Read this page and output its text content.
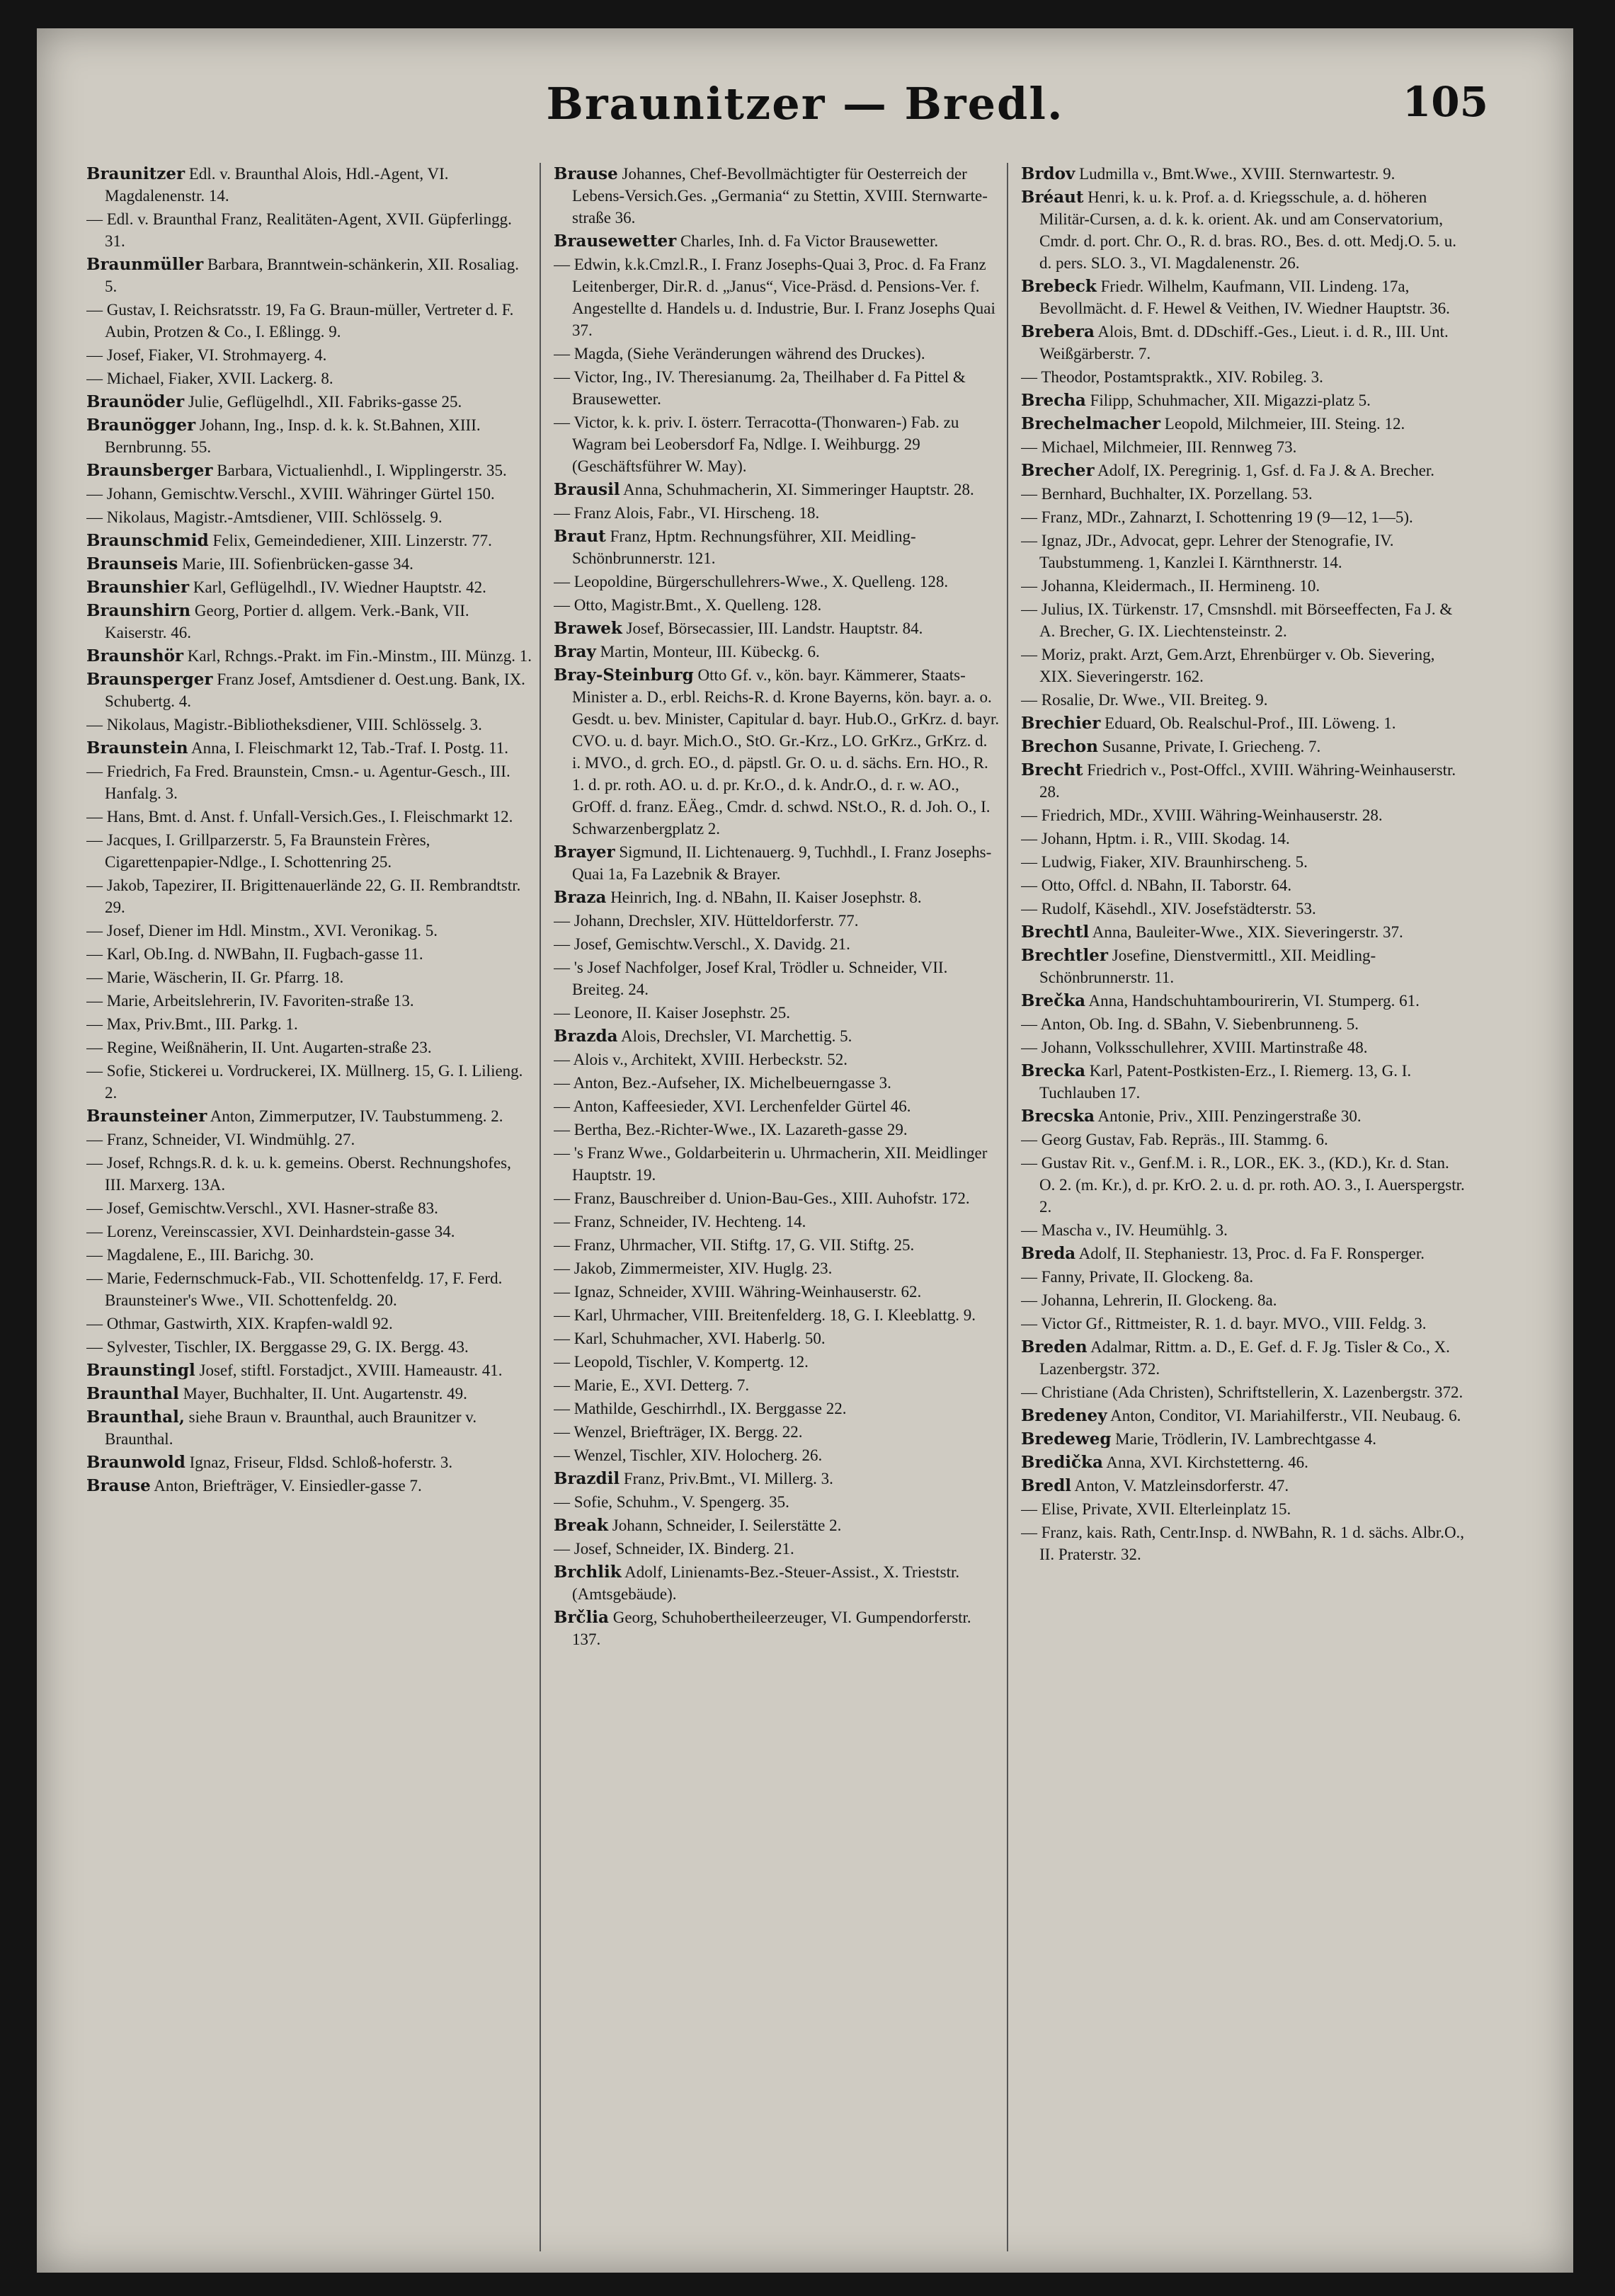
Braunitzer — Bredl.	105
Braunitzer Edl. v. Braunthal Alois, Hdl.-Agent, VI. Magdalenenstr. 14.
— Edl. v. Braunthal Franz, Realitäten-Agent, XVII. Güpferlingg. 31.
Braunmüller Barbara, Branntwein-schänkerin, XII. Rosaliag. 5.
— Gustav, I. Reichsratsstr. 19, Fa G. Braun-müller, Vertreter d. F. Aubin, Protzen & Co., I. Eßlingg. 9.
— Josef, Fiaker, VI. Strohmayerg. 4.
— Michael, Fiaker, XVII. Lackerg. 8.
Braunöder Julie, Geflügelhdl., XII. Fabriks-gasse 25.
Braunögger Johann, Ing., Insp. d. k. k. St.Bahnen, XIII. Bernbrunng. 55.
Braunsberger Barbara, Victualienhdl., I. Wipplingerstr. 35.
— Johann, Gemischtw.Verschl., XVIII. Währinger Gürtel 150.
— Nikolaus, Magistr.-Amtsdiener, VIII. Schlösselg. 9.
Braunschmid Felix, Gemeindediener, XIII. Linzerstr. 77.
Braunseis Marie, III. Sofienbrücken-gasse 34.
Braunshier Karl, Geflügelhdl., IV. Wiedner Hauptstr. 42.
Braunshirn Georg, Portier d. allgem. Verk.-Bank, VII. Kaiserstr. 46.
Braunshör Karl, Rchngs.-Prakt. im Fin.-Minstm., III. Münzg. 1.
Braunsperger Franz Josef, Amtsdiener d. Oest.ung. Bank, IX. Schubertg. 4.
— Nikolaus, Magistr.-Bibliotheksdiener, VIII. Schlösselg. 3.
Braunstein Anna, I. Fleischmarkt 12, Tab.-Traf. I. Postg. 11.
— Friedrich, Fa Fred. Braunstein, Cmsn.- u. Agentur-Gesch., III. Hanfalg. 3.
— Hans, Bmt. d. Anst. f. Unfall-Versich.Ges., I. Fleischmarkt 12.
— Jacques, I. Grillparzerstr. 5, Fa Braunstein Frères, Cigarettenpapier-Ndlge., I. Schottenring 25.
— Jakob, Tapezirer, II. Brigittenauerlände 22, G. II. Rembrandtstr. 29.
— Josef, Diener im Hdl. Minstm., XVI. Veronikag. 5.
— Karl, Ob.Ing. d. NWBahn, II. Fugbach-gasse 11.
— Marie, Wäscherin, II. Gr. Pfarrg. 18.
— Marie, Arbeitslehrerin, IV. Favoriten-straße 13.
— Max, Priv.Bmt., III. Parkg. 1.
— Regine, Weißnäherin, II. Unt. Augarten-straße 23.
— Sofie, Stickerei u. Vordruckerei, IX. Müllnerg. 15, G. I. Lilieng. 2.
Braunsteiner Anton, Zimmerputzer, IV. Taubstummeng. 2.
— Franz, Schneider, VI. Windmühlg. 27.
— Josef, Rchngs.R. d. k. u. k. gemeins. Oberst. Rechnungshofes, III. Marxerg. 13A.
— Josef, Gemischtw.Verschl., XVI. Hasner-straße 83.
— Lorenz, Vereinscassier, XVI. Deinhardstein-gasse 34.
— Magdalene, E., III. Barichg. 30.
— Marie, Federnschmuck-Fab., VII. Schottenfeldg. 17, F. Ferd. Braunsteiner's Wwe., VII. Schottenfeldg. 20.
— Othmar, Gastwirth, XIX. Krapfen-waldl 92.
— Sylvester, Tischler, IX. Berggasse 29, G. IX. Bergg. 43.
Braunstingl Josef, stiftl. Forstadjct., XVIII. Hameaustr. 41.
Braunthal Mayer, Buchhalter, II. Unt. Augartenstr. 49.
Braunthal, siehe Braun v. Braunthal, auch Braunitzer v. Braunthal.
Braunwold Ignaz, Friseur, Fldsd. Schloß-hoferstr. 3.
Brause Anton, Briefträger, V. Einsiedler-gasse 7.
Brause Johannes, Chef-Bevollmächtigter für Oesterreich der Lebens-Versich.Ges. „Germania“ zu Stettin, XVIII. Sternwarte-straße 36.
Brausewetter Charles, Inh. d. Fa Victor Brausewetter.
— Edwin, k.k.Cmzl.R., I. Franz Josephs-Quai 3, Proc. d. Fa Franz Leitenberger, Dir.R. d. „Janus“, Vice-Präsd. d. Pensions-Ver. f. Angestellte d. Handels u. d. Industrie, Bur. I. Franz Josephs Quai 37.
— Magda, (Siehe Veränderungen während des Druckes).
— Victor, Ing., IV. Theresianumg. 2a, Theilhaber d. Fa Pittel & Brausewetter.
— Victor, k. k. priv. I. österr. Terracotta-(Thonwaren-) Fab. zu Wagram bei Leobersdorf Fa, Ndlge. I. Weihburgg. 29 (Geschäftsführer W. May).
Brausil Anna, Schuhmacherin, XI. Simmeringer Hauptstr. 28.
— Franz Alois, Fabr., VI. Hirscheng. 18.
Braut Franz, Hptm. Rechnungsführer, XII. Meidling-Schönbrunnerstr. 121.
— Leopoldine, Bürgerschullehrers-Wwe., X. Quelleng. 128.
— Otto, Magistr.Bmt., X. Quelleng. 128.
Brawek Josef, Börsecassier, III. Landstr. Hauptstr. 84.
Bray Martin, Monteur, III. Kübeckg. 6.
Bray-Steinburg Otto Gf. v., kön. bayr. Kämmerer, Staats-Minister a. D., erbl. Reichs-R. d. Krone Bayerns, kön. bayr. a. o. Gesdt. u. bev. Minister, Capitular d. bayr. Hub.O., GrKrz. d. bayr. CVO. u. d. bayr. Mich.O., StO. Gr.-Krz., LO. GrKrz., GrKrz. d. i. MVO., d. grch. EO., d. päpstl. Gr. O. u. d. sächs. Ern. HO., R. 1. d. pr. roth. AO. u. d. pr. Kr.O., d. k. Andr.O., d. r. w. AO., GrOff. d. franz. EÄeg., Cmdr. d. schwd. NSt.O., R. d. Joh. O., I. Schwarzenbergplatz 2.
Brayer Sigmund, II. Lichtenauerg. 9, Tuchhdl., I. Franz Josephs-Quai 1a, Fa Lazebnik & Brayer.
Braza Heinrich, Ing. d. NBahn, II. Kaiser Josephstr. 8.
— Johann, Drechsler, XIV. Hütteldorferstr. 77.
— Josef, Gemischtw.Verschl., X. Davidg. 21.
— 's Josef Nachfolger, Josef Kral, Trödler u. Schneider, VII. Breiteg. 24.
— Leonore, II. Kaiser Josephstr. 25.
Brazda Alois, Drechsler, VI. Marchettig. 5.
— Alois v., Architekt, XVIII. Herbeckstr. 52.
— Anton, Bez.-Aufseher, IX. Michelbeuerngasse 3.
— Anton, Kaffeesieder, XVI. Lerchenfelder Gürtel 46.
— Bertha, Bez.-Richter-Wwe., IX. Lazareth-gasse 29.
— 's Franz Wwe., Goldarbeiterin u. Uhrmacherin, XII. Meidlinger Hauptstr. 19.
— Franz, Bauschreiber d. Union-Bau-Ges., XIII. Auhofstr. 172.
— Franz, Schneider, IV. Hechteng. 14.
— Franz, Uhrmacher, VII. Stiftg. 17, G. VII. Stiftg. 25.
— Jakob, Zimmermeister, XIV. Huglg. 23.
— Ignaz, Schneider, XVIII. Währing-Weinhauserstr. 62.
— Karl, Uhrmacher, VIII. Breitenfelderg. 18, G. I. Kleeblattg. 9.
— Karl, Schuhmacher, XVI. Haberlg. 50.
— Leopold, Tischler, V. Kompertg. 12.
— Marie, E., XVI. Detterg. 7.
— Mathilde, Geschirrhdl., IX. Berggasse 22.
— Wenzel, Briefträger, IX. Bergg. 22.
— Wenzel, Tischler, XIV. Holocherg. 26.
Brazdil Franz, Priv.Bmt., VI. Millerg. 3.
— Sofie, Schuhm., V. Spengerg. 35.
Break Johann, Schneider, I. Seilerstätte 2.
— Josef, Schneider, IX. Binderg. 21.
Brchlik Adolf, Linienamts-Bez.-Steuer-Assist., X. Trieststr. (Amtsgebäude).
Brčlia Georg, Schuhobertheileerzeuger, VI. Gumpendorferstr. 137.
Brdov Ludmilla v., Bmt.Wwe., XVIII. Sternwartestr. 9.
Bréaut Henri, k. u. k. Prof. a. d. Kriegsschule, a. d. höheren Militär-Cursen, a. d. k. k. orient. Ak. und am Conservatorium, Cmdr. d. port. Chr. O., R. d. bras. RO., Bes. d. ott. Medj.O. 5. u. d. pers. SLO. 3., VI. Magdalenenstr. 26.
Brebeck Friedr. Wilhelm, Kaufmann, VII. Lindeng. 17a, Bevollmächt. d. F. Hewel & Veithen, IV. Wiedner Hauptstr. 36.
Brebera Alois, Bmt. d. DDschiff.-Ges., Lieut. i. d. R., III. Unt. Weißgärberstr. 7.
— Theodor, Postamtspraktk., XIV. Robileg. 3.
Brecha Filipp, Schuhmacher, XII. Migazzi-platz 5.
Brechelmacher Leopold, Milchmeier, III. Steing. 12.
— Michael, Milchmeier, III. Rennweg 73.
Brecher Adolf, IX. Peregrinig. 1, Gsf. d. Fa J. & A. Brecher.
— Bernhard, Buchhalter, IX. Porzellang. 53.
— Franz, MDr., Zahnarzt, I. Schottenring 19 (9—12, 1—5).
— Ignaz, JDr., Advocat, gepr. Lehrer der Stenografie, IV. Taubstummeng. 1, Kanzlei I. Kärnthnerstr. 14.
— Johanna, Kleidermach., II. Hermineng. 10.
— Julius, IX. Türkenstr. 17, Cmsnshdl. mit Börseeffecten, Fa J. & A. Brecher, G. IX. Liechtensteinstr. 2.
— Moriz, prakt. Arzt, Gem.Arzt, Ehrenbürger v. Ob. Sievering, XIX. Sieveringerstr. 162.
— Rosalie, Dr. Wwe., VII. Breiteg. 9.
Brechier Eduard, Ob. Realschul-Prof., III. Löweng. 1.
Brechon Susanne, Private, I. Griecheng. 7.
Brecht Friedrich v., Post-Offcl., XVIII. Währing-Weinhauserstr. 28.
— Friedrich, MDr., XVIII. Währing-Weinhauserstr. 28.
— Johann, Hptm. i. R., VIII. Skodag. 14.
— Ludwig, Fiaker, XIV. Braunhirscheng. 5.
— Otto, Offcl. d. NBahn, II. Taborstr. 64.
— Rudolf, Käsehdl., XIV. Josefstädterstr. 53.
Brechtl Anna, Bauleiter-Wwe., XIX. Sieveringerstr. 37.
Brechtler Josefine, Dienstvermittl., XII. Meidling-Schönbrunnerstr. 11.
Brečka Anna, Handschuhtambourirerin, VI. Stumperg. 61.
— Anton, Ob. Ing. d. SBahn, V. Siebenbrunneng. 5.
— Johann, Volksschullehrer, XVIII. Martinstraße 48.
Brecka Karl, Patent-Postkisten-Erz., I. Riemerg. 13, G. I. Tuchlauben 17.
Brecska Antonie, Priv., XIII. Penzingerstraße 30.
— Georg Gustav, Fab. Repräs., III. Stammg. 6.
— Gustav Rit. v., Genf.M. i. R., LOR., EK. 3., (KD.), Kr. d. Stan. O. 2. (m. Kr.), d. pr. KrO. 2. u. d. pr. roth. AO. 3., I. Auerspergstr. 2.
— Mascha v., IV. Heumühlg. 3.
Breda Adolf, II. Stephaniestr. 13, Proc. d. Fa F. Ronsperger.
— Fanny, Private, II. Glockeng. 8a.
— Johanna, Lehrerin, II. Glockeng. 8a.
— Victor Gf., Rittmeister, R. 1. d. bayr. MVO., VIII. Feldg. 3.
Breden Adalmar, Rittm. a. D., E. Gef. d. F. Jg. Tisler & Co., X. Lazenbergstr. 372.
— Christiane (Ada Christen), Schriftstellerin, X. Lazenbergstr. 372.
Bredeney Anton, Conditor, VI. Mariahilferstr., VII. Neubaug. 6.
Bredeweg Marie, Trödlerin, IV. Lambrechtgasse 4.
Bredička Anna, XVI. Kirchstetterng. 46.
Bredl Anton, V. Matzleinsdorferstr. 47.
— Elise, Private, XVII. Elterleinplatz 15.
— Franz, kais. Rath, Centr.Insp. d. NWBahn, R. 1 d. sächs. Albr.O., II. Praterstr. 32.
